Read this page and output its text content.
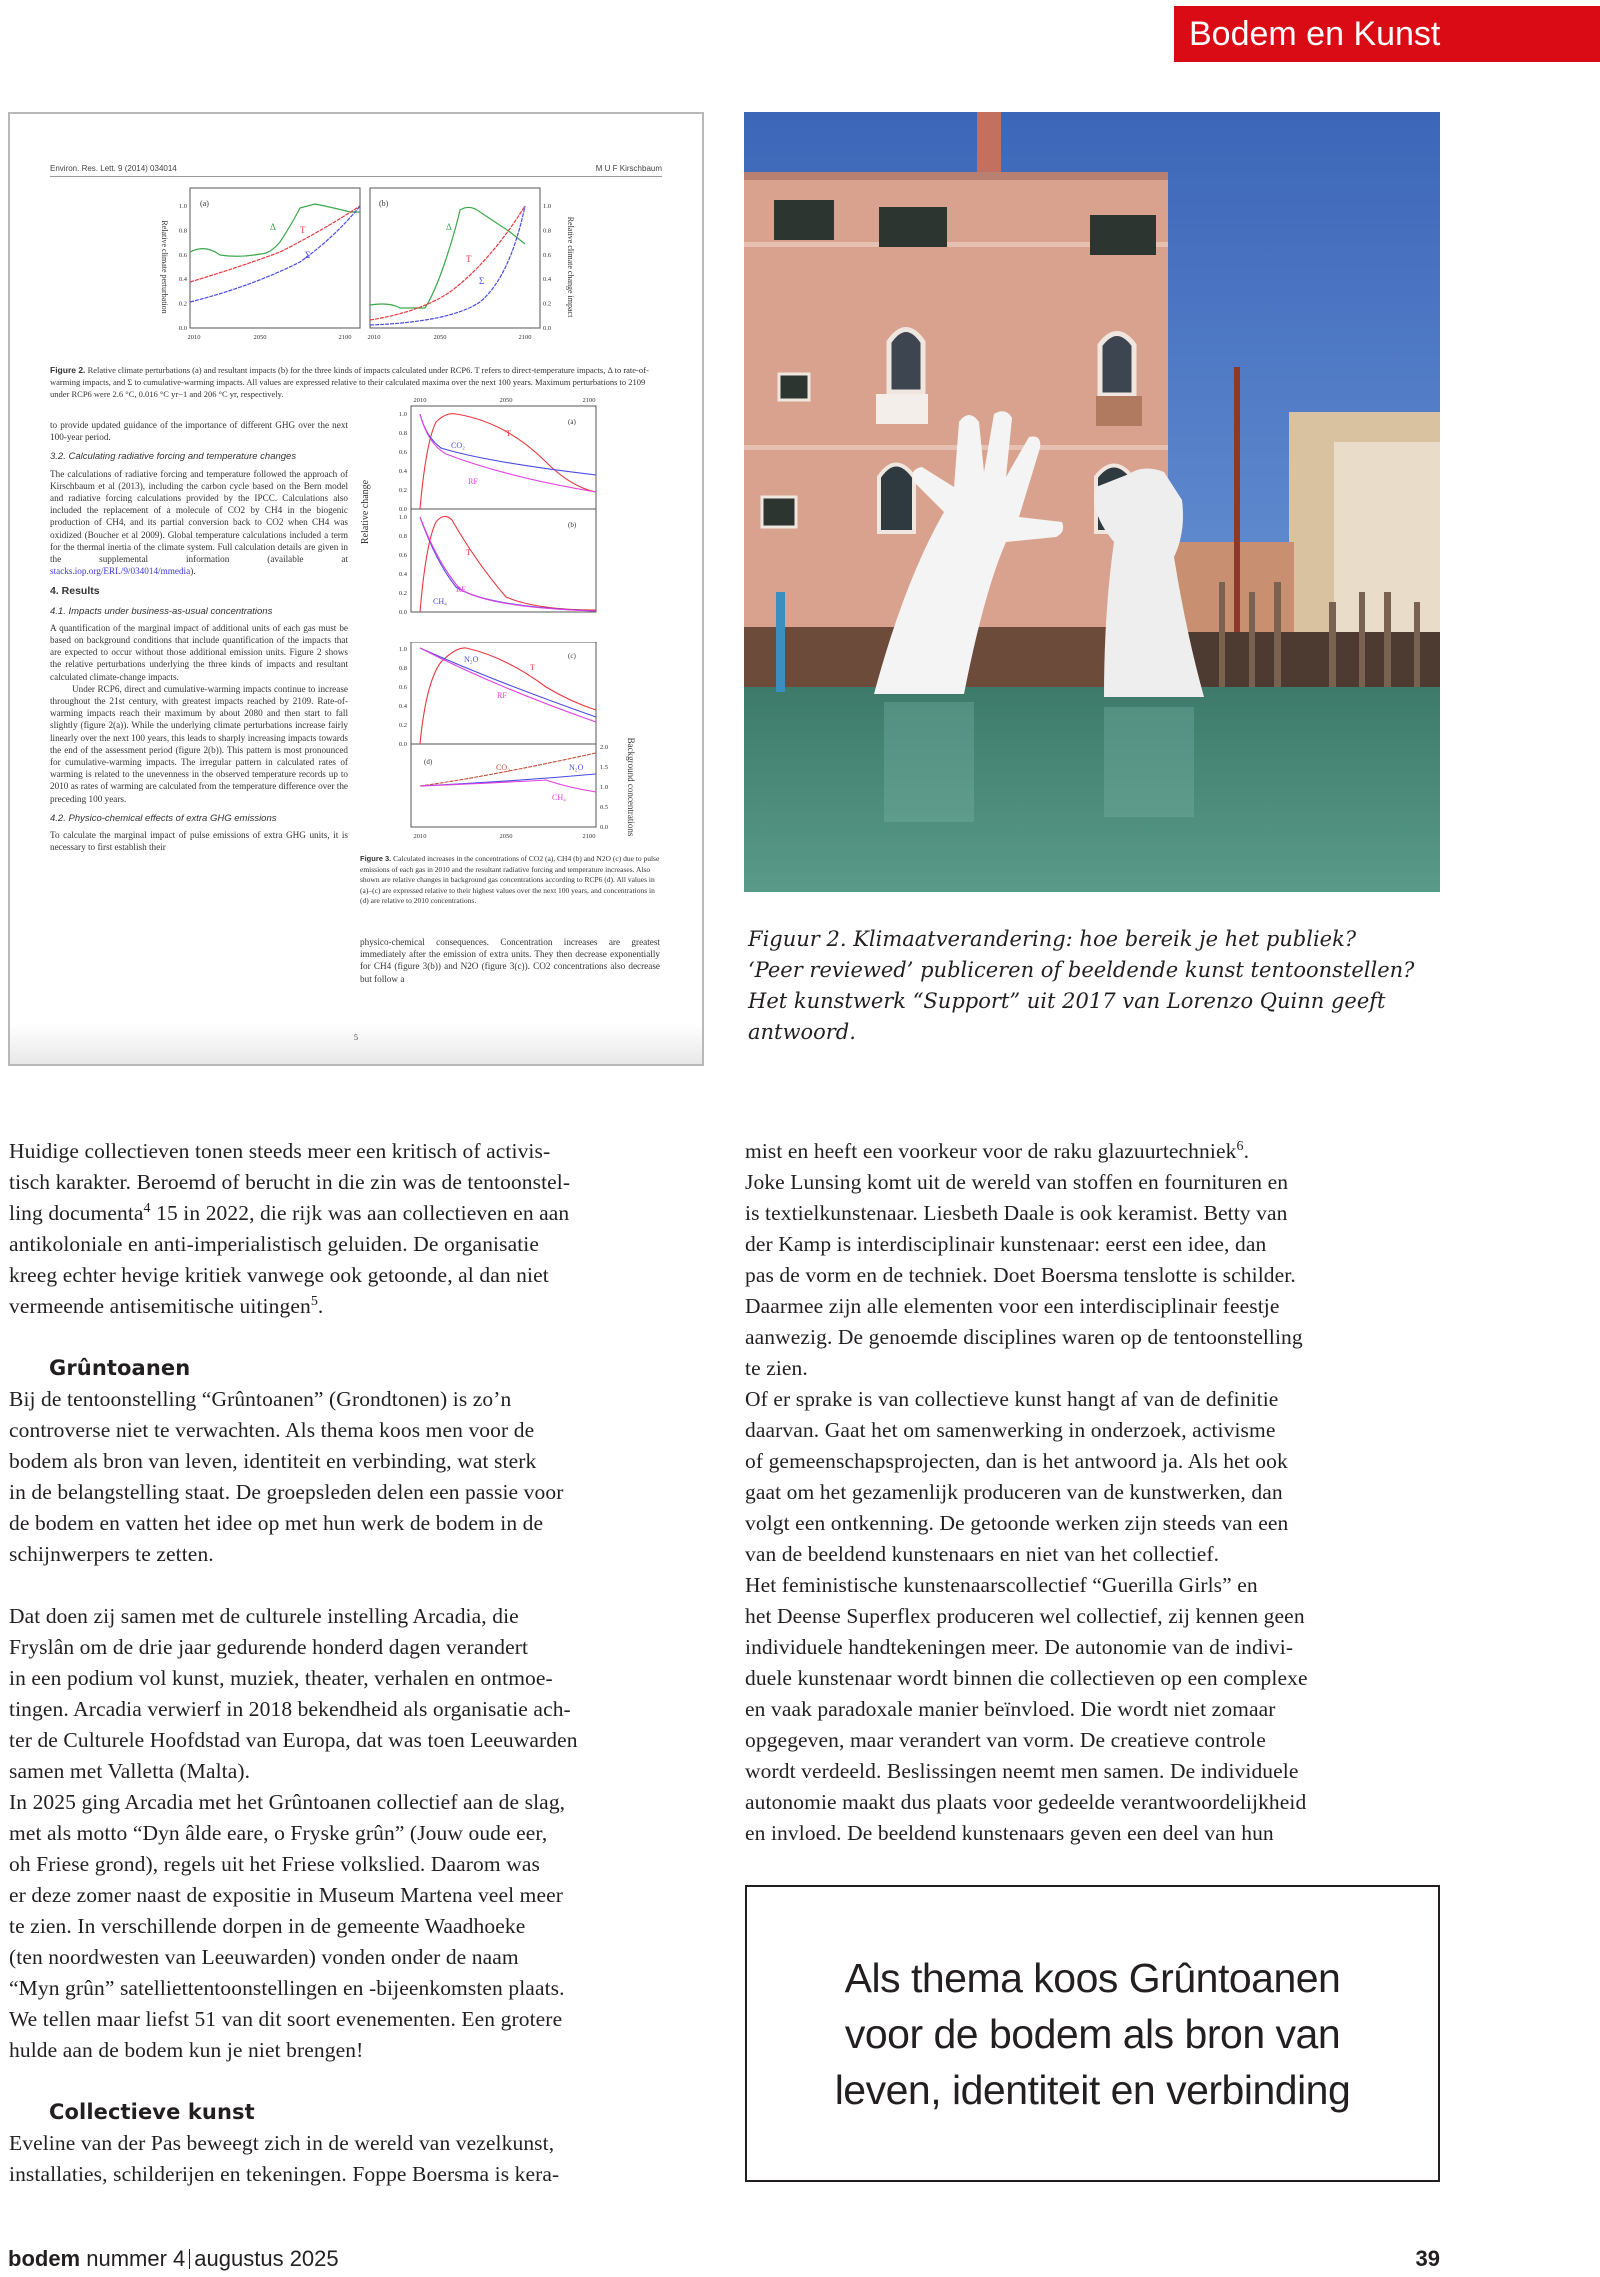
Bodem en Kunst
Environ. Res. Lett. 9 (2014) 034014	M U F Kirschbaum
Relative climate perturbation
0.0	0.0
0.2	0.2
0.4	0.4
0.6	0.6
0.8	0.8
1.0	1.0
2010	2050	2100 2010	2050	2100
(a)	(b)
Δ	T
Σ
Δ
T
Σ	Relative climate change impact
Figure 2. Relative climate perturbations (a) and resultant impacts (b) for the three kinds of impacts calculated under RCP6. T refers to direct-temperature impacts, Δ to rate-of-warming impacts, and Σ to cumulative-warming impacts. All values are expressed relative to their calculated maxima over the next 100 years. Maximum perturbations to 2109 under RCP6 were 2.6 °C, 0.016 °C yr−1 and 206 °C yr, respectively.
to provide updated guidance of the importance of different GHG over the next 100-year period.
3.2. Calculating radiative forcing and temperature changes
The calculations of radiative forcing and temperature followed the approach of Kirschbaum et al (2013), including the carbon cycle based on the Bern model and radiative forcing calculations provided by the IPCC. Calculations also included the replacement of a molecule of CO2 by CH4 in the biogenic production of CH4, and its partial conversion back to CO2 when CH4 was oxidized (Boucher et al 2009). Global temperature calculations included a term for the thermal inertia of the climate system. Full calculation details are given in the supplemental information (available at stacks.iop.org/ERL/9/034014/mmedia).
4. Results
4.1. Impacts under business-as-usual concentrations
A quantification of the marginal impact of additional units of each gas must be based on background conditions that include quantification of the impacts that are expected to occur without those additional emission units. Figure 2 shows the relative perturbations underlying the three kinds of impacts and resultant calculated climate-change impacts.
Under RCP6, direct and cumulative-warming impacts continue to increase throughout the 21st century, with greatest impacts reached by 2109. Rate-of-warming impacts reach their maximum by about 2080 and then start to fall slightly (figure 2(a)). While the underlying climate perturbations increase fairly linearly over the next 100 years, this leads to sharply increasing impacts towards the end of the assessment period (figure 2(b)). This pattern is most pronounced for cumulative-warming impacts. The irregular pattern in calculated rates of warming is related to the unevenness in the observed temperature records up to 2010 as rates of warming are calculated from the temperature difference over the preceding 100 years.
4.2. Physico-chemical effects of extra GHG emissions
To calculate the marginal impact of pulse emissions of extra GHG units, it is necessary to first establish their
2010	2050	2100
Relative change	0.0
0.0
0.2
0.2
0.4
0.4
0.6
0.6
0.8
0.8
1.0
1.0
(a)
(b)
T
CO₂
RF
T
RF
CH₄
0.0
0.2
0.4
0.6
0.8
1.0
0.0
0.5
1.0
1.5
2.0
2010	2050	2100
(c)
(d)
N₂O
T
RF
CO₂	N₂O
CH₄	Background concentrations
Figure 3. Calculated increases in the concentrations of CO2 (a), CH4 (b) and N2O (c) due to pulse emissions of each gas in 2010 and the resultant radiative forcing and temperature increases. Also shown are relative changes in background gas concentrations according to RCP6 (d). All values in (a)–(c) are expressed relative to their highest values over the next 100 years, and concentrations in (d) are relative to 2010 concentrations.
physico-chemical consequences. Concentration increases are greatest immediately after the emission of extra units. They then decrease exponentially for CH4 (figure 3(b)) and N2O (figure 3(c)). CO2 concentrations also decrease but follow a
5
Figuur 2. Klimaatverandering: hoe bereik je het publiek?
‘Peer reviewed’ publiceren of beeldende kunst tentoonstellen?
Het kunstwerk “Support” uit 2017 van Lorenzo Quinn geeft
antwoord.

Huidige collectieven tonen steeds meer een kritisch of activis-
tisch karakter. Beroemd of berucht in die zin was de tentoonstel-
ling documenta$^4$ 15 in 2022, die rijk was aan collectieven en aan
antikoloniale en anti-imperialistisch geluiden. De organisatie
kreeg echter hevige kritiek vanwege ook getoonde, al dan niet
vermeende antisemitische uitingen$^5$.

Grûntoanen

Bij de tentoonstelling “Grûntoanen” (Grondtonen) is zo’n
controverse niet te verwachten. Als thema koos men voor de
bodem als bron van leven, identiteit en verbinding, wat sterk
in de belangstelling staat. De groepsleden delen een passie voor
de bodem en vatten het idee op met hun werk de bodem in de
schijnwerpers te zetten.

Dat doen zij samen met de culturele instelling Arcadia, die
Fryslân om de drie jaar gedurende honderd dagen verandert
in een podium vol kunst, muziek, theater, verhalen en ontmoe-
tingen. Arcadia verwierf in 2018 bekendheid als organisatie ach-
ter de Culturele Hoofdstad van Europa, dat was toen Leeuwarden
samen met Valletta (Malta).
In 2025 ging Arcadia met het Grûntoanen collectief aan de slag,
met als motto “Dyn âlde eare, o Fryske grûn” (Jouw oude eer,
oh Friese grond), regels uit het Friese volkslied. Daarom was
er deze zomer naast de expositie in Museum Martena veel meer
te zien. In verschillende dorpen in de gemeente Waadhoeke
(ten noordwesten van Leeuwarden) vonden onder de naam
“Myn grûn” satelliettentoonstellingen en -bijeenkomsten plaats.
We tellen maar liefst 51 van dit soort evenementen. Een grotere
hulde aan de bodem kun je niet brengen!

Collectieve kunst

Eveline van der Pas beweegt zich in de wereld van vezelkunst,
installaties, schilderijen en tekeningen. Foppe Boersma is kera-

mist en heeft een voorkeur voor de raku glazuurtechniek$^6$.

Joke Lunsing komt uit de wereld van stoffen en fournituren en
is textielkunstenaar. Liesbeth Daale is ook keramist. Betty van
der Kamp is interdisciplinair kunstenaar: eerst een idee, dan
pas de vorm en de techniek. Doet Boersma tenslotte is schilder.
Daarmee zijn alle elementen voor een interdisciplinair feestje
aanwezig. De genoemde disciplines waren op de tentoonstelling
te zien.
Of er sprake is van collectieve kunst hangt af van de definitie
daarvan. Gaat het om samenwerking in onderzoek, activisme
of gemeenschapsprojecten, dan is het antwoord ja. Als het ook
gaat om het gezamenlijk produceren van de kunstwerken, dan
volgt een ontkenning. De getoonde werken zijn steeds van een
van de beeldend kunstenaars en niet van het collectief.
Het feministische kunstenaarscollectief “Guerilla Girls” en
het Deense Superflex produceren wel collectief, zij kennen geen
individuele handtekeningen meer. De autonomie van de indivi-
duele kunstenaar wordt binnen die collectieven op een complexe
en vaak paradoxale manier beïnvloed. Die wordt niet zomaar
opgegeven, maar verandert van vorm. De creatieve controle
wordt verdeeld. Beslissingen neemt men samen. De individuele
autonomie maakt dus plaats voor gedeelde verantwoordelijkheid
en invloed. De beeldend kunstenaars geven een deel van hun

Als thema koos Grûntoanen
voor de bodem als bron van
leven, identiteit en verbinding
bodem nummer 4 augustus 2025	39
